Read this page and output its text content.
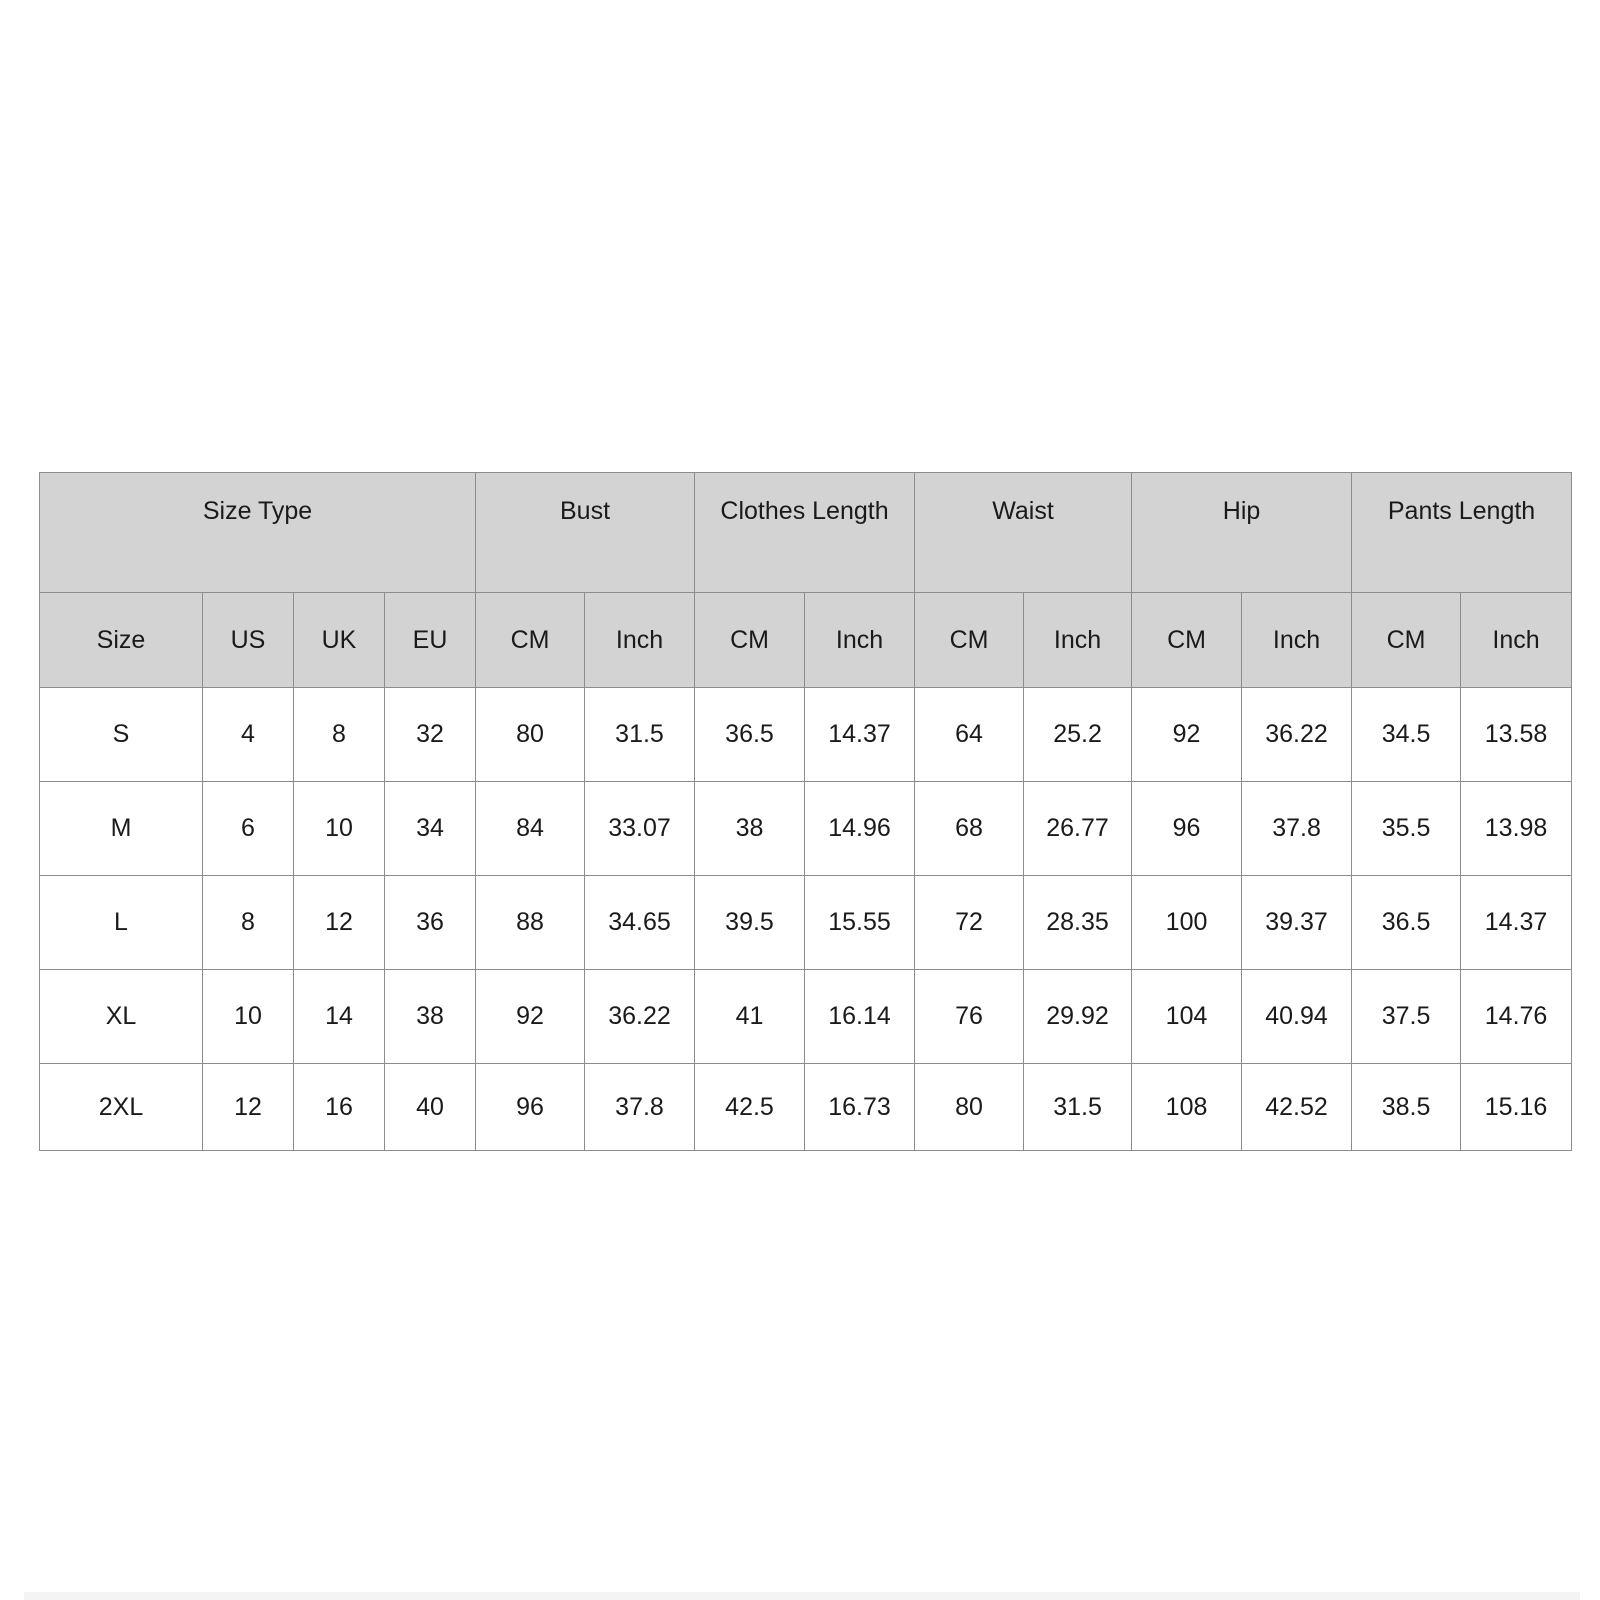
Size Type				Bust		Clothes Length		Waist		Hip		Pants Length	
Size	US	UK	EU	CM	Inch	CM	Inch	CM	Inch	CM	Inch	CM	Inch
S	4	8	32	80	31.5	36.5	14.37	64	25.2	92	36.22	34.5	13.58
M	6	10	34	84	33.07	38	14.96	68	26.77	96	37.8	35.5	13.98
L	8	12	36	88	34.65	39.5	15.55	72	28.35	100	39.37	36.5	14.37
XL	10	14	38	92	36.22	41	16.14	76	29.92	104	40.94	37.5	14.76
2XL	12	16	40	96	37.8	42.5	16.73	80	31.5	108	42.52	38.5	15.16
